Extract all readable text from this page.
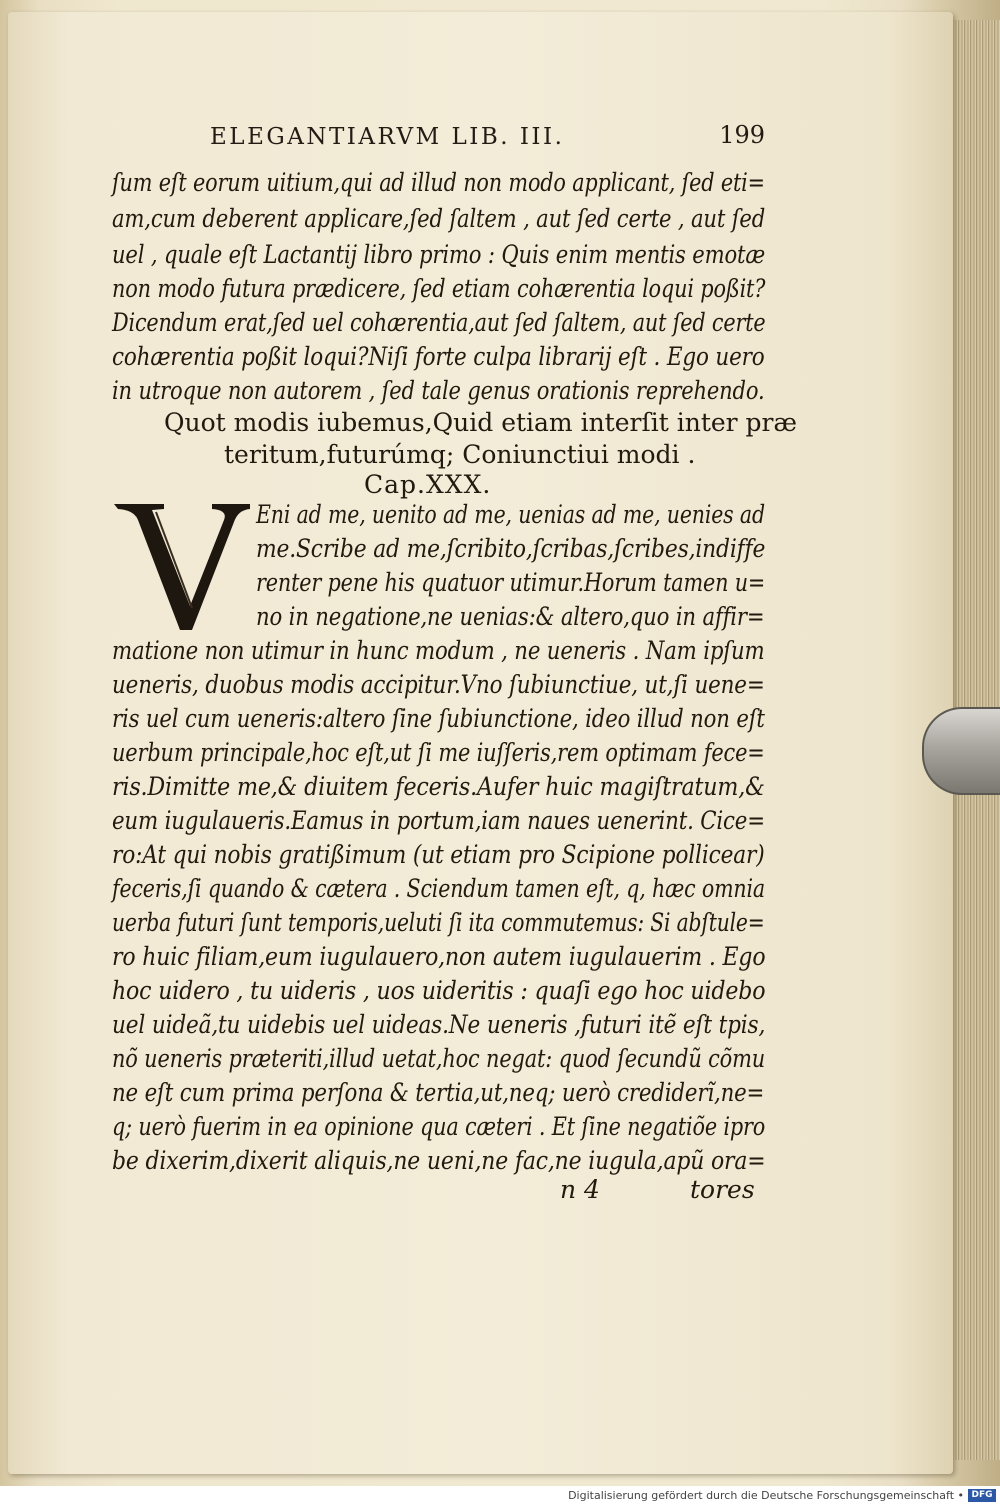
ELEGANTIARVM LIB. III.	199
ſum eſt eorum uitium,qui ad illud non modo applicant, ſed eti=
am,cum deberent applicare,ſed ſaltem , aut ſed certe , aut ſed
uel , quale eſt Lactantij libro primo : Quis enim mentis emotæ
non modo futura prædicere, ſed etiam cohærentia loqui poßit?
Dicendum erat,ſed uel cohærentia,aut ſed ſaltem, aut ſed certe
cohærentia poßit loqui?Niſi forte culpa librarij eſt . Ego uero
in utroque non autorem , ſed tale genus orationis reprehendo.
Quot modis iubemus,Quid etiam interſit inter præ
teritum,futurúmq; Coniunctiui modi .
Cap.XXX.
Eni ad me, uenito ad me, uenias ad me, uenies ad
me.Scribe ad me,ſcribito,ſcribas,ſcribes,indiffe
renter pene his quatuor utimur.Horum tamen u=
no in negatione,ne uenias:& altero,quo in affir=
matione non utimur in hunc modum , ne ueneris . Nam ipſum
ueneris, duobus modis accipitur.Vno ſubiunctiue, ut,ſi uene=
ris uel cum ueneris:altero ſine ſubiunctione, ideo illud non eſt
uerbum principale,hoc eſt,ut ſi me iuſſeris,rem optimam fece=
ris.Dimitte me,& diuitem feceris.Aufer huic magiſtratum,&
eum iugulaueris.Eamus in portum,iam naues uenerint. Cice=
ro:At qui nobis gratißimum (ut etiam pro Scipione pollicear)
feceris,ſi quando & cætera . Sciendum tamen eſt, q, hæc omnia
uerba futuri ſunt temporis,ueluti ſi ita commutemus: Si abſtule=
ro huic filiam,eum iugulauero,non autem iugulauerim . Ego
hoc uidero , tu uideris , uos uideritis : quaſi ego hoc uidebo
uel uideã,tu uidebis uel uideas.Ne ueneris ,futuri itẽ eſt tpis,
nõ ueneris præteriti,illud uetat,hoc negat: quod ſecundũ cõmu
ne eſt cum prima perſona & tertia,ut,neq; uerò crediderĩ,ne=
q; uerò fuerim in ea opinione qua cæteri . Et ſine negatiõe ipro
be dixerim,dixerit aliquis,ne ueni,ne fac,ne iugula,apũ ora=
n 4	tores
Digitalisierung gefördert durch die Deutsche Forschungsgemeinschaft • DFG
